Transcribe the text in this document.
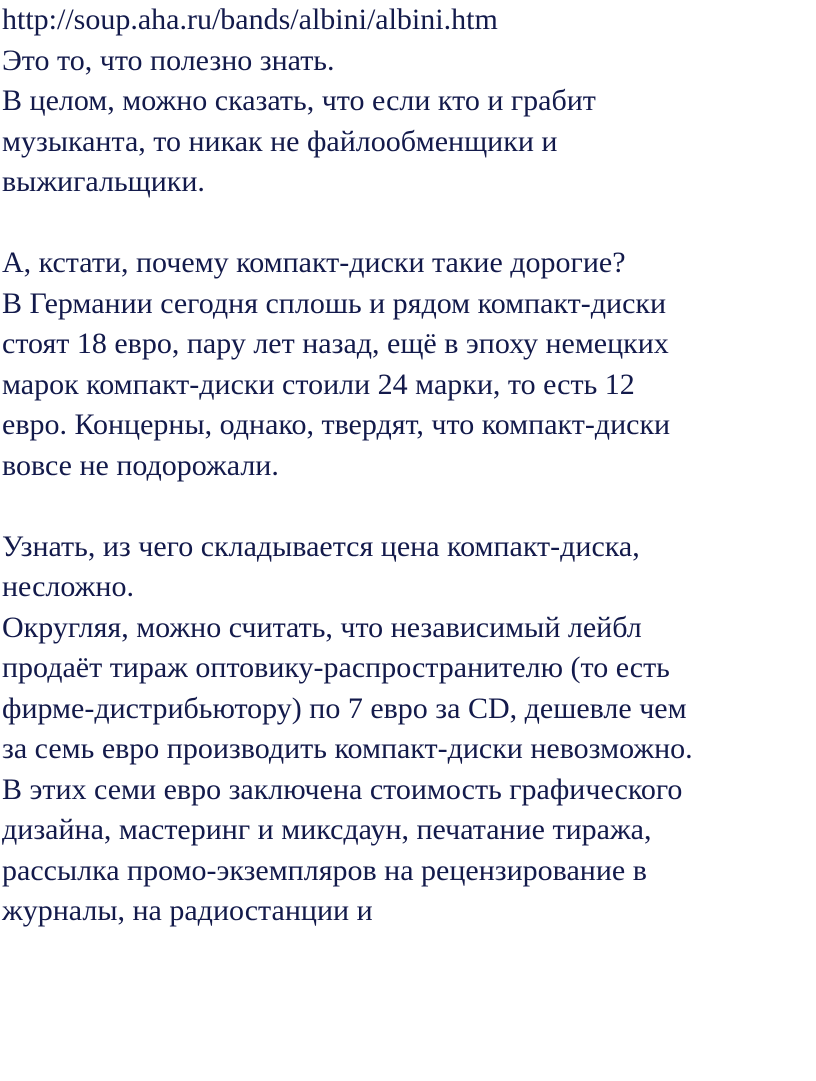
http://soup.aha.ru/bands/albini/albini.htm
Это то, что полезно знать.
В целом, можно сказать, что если кто и грабит
музыканта, то никак не файлообменщики и
выжигальщики.
А, кстати, почему компакт-диски такие дорогие?
В Германии сегодня сплошь и рядом компакт-диски
стоят 18 евро, пару лет назад, ещё в эпоху немецких
марок компакт-диски стоили 24 марки, то есть 12
евро. Концерны, однако, твердят, что компакт-диски
вовсе не подорожали.
Узнать, из чего складывается цена компакт-диска,
несложно.
Округляя, можно считать, что независимый лейбл
продаёт тираж оптовику-распространителю (то есть
фирме-дистрибьютору) по 7 евро за CD, дешевле чем
за семь евро производить компакт-диски невозможно.
В этих семи евро заключена стоимость графического
дизайна, мастеринг и миксдаун, печатание тиража,
рассылка промо-экземпляров на рецензирование в
журналы, на радиостанции и
